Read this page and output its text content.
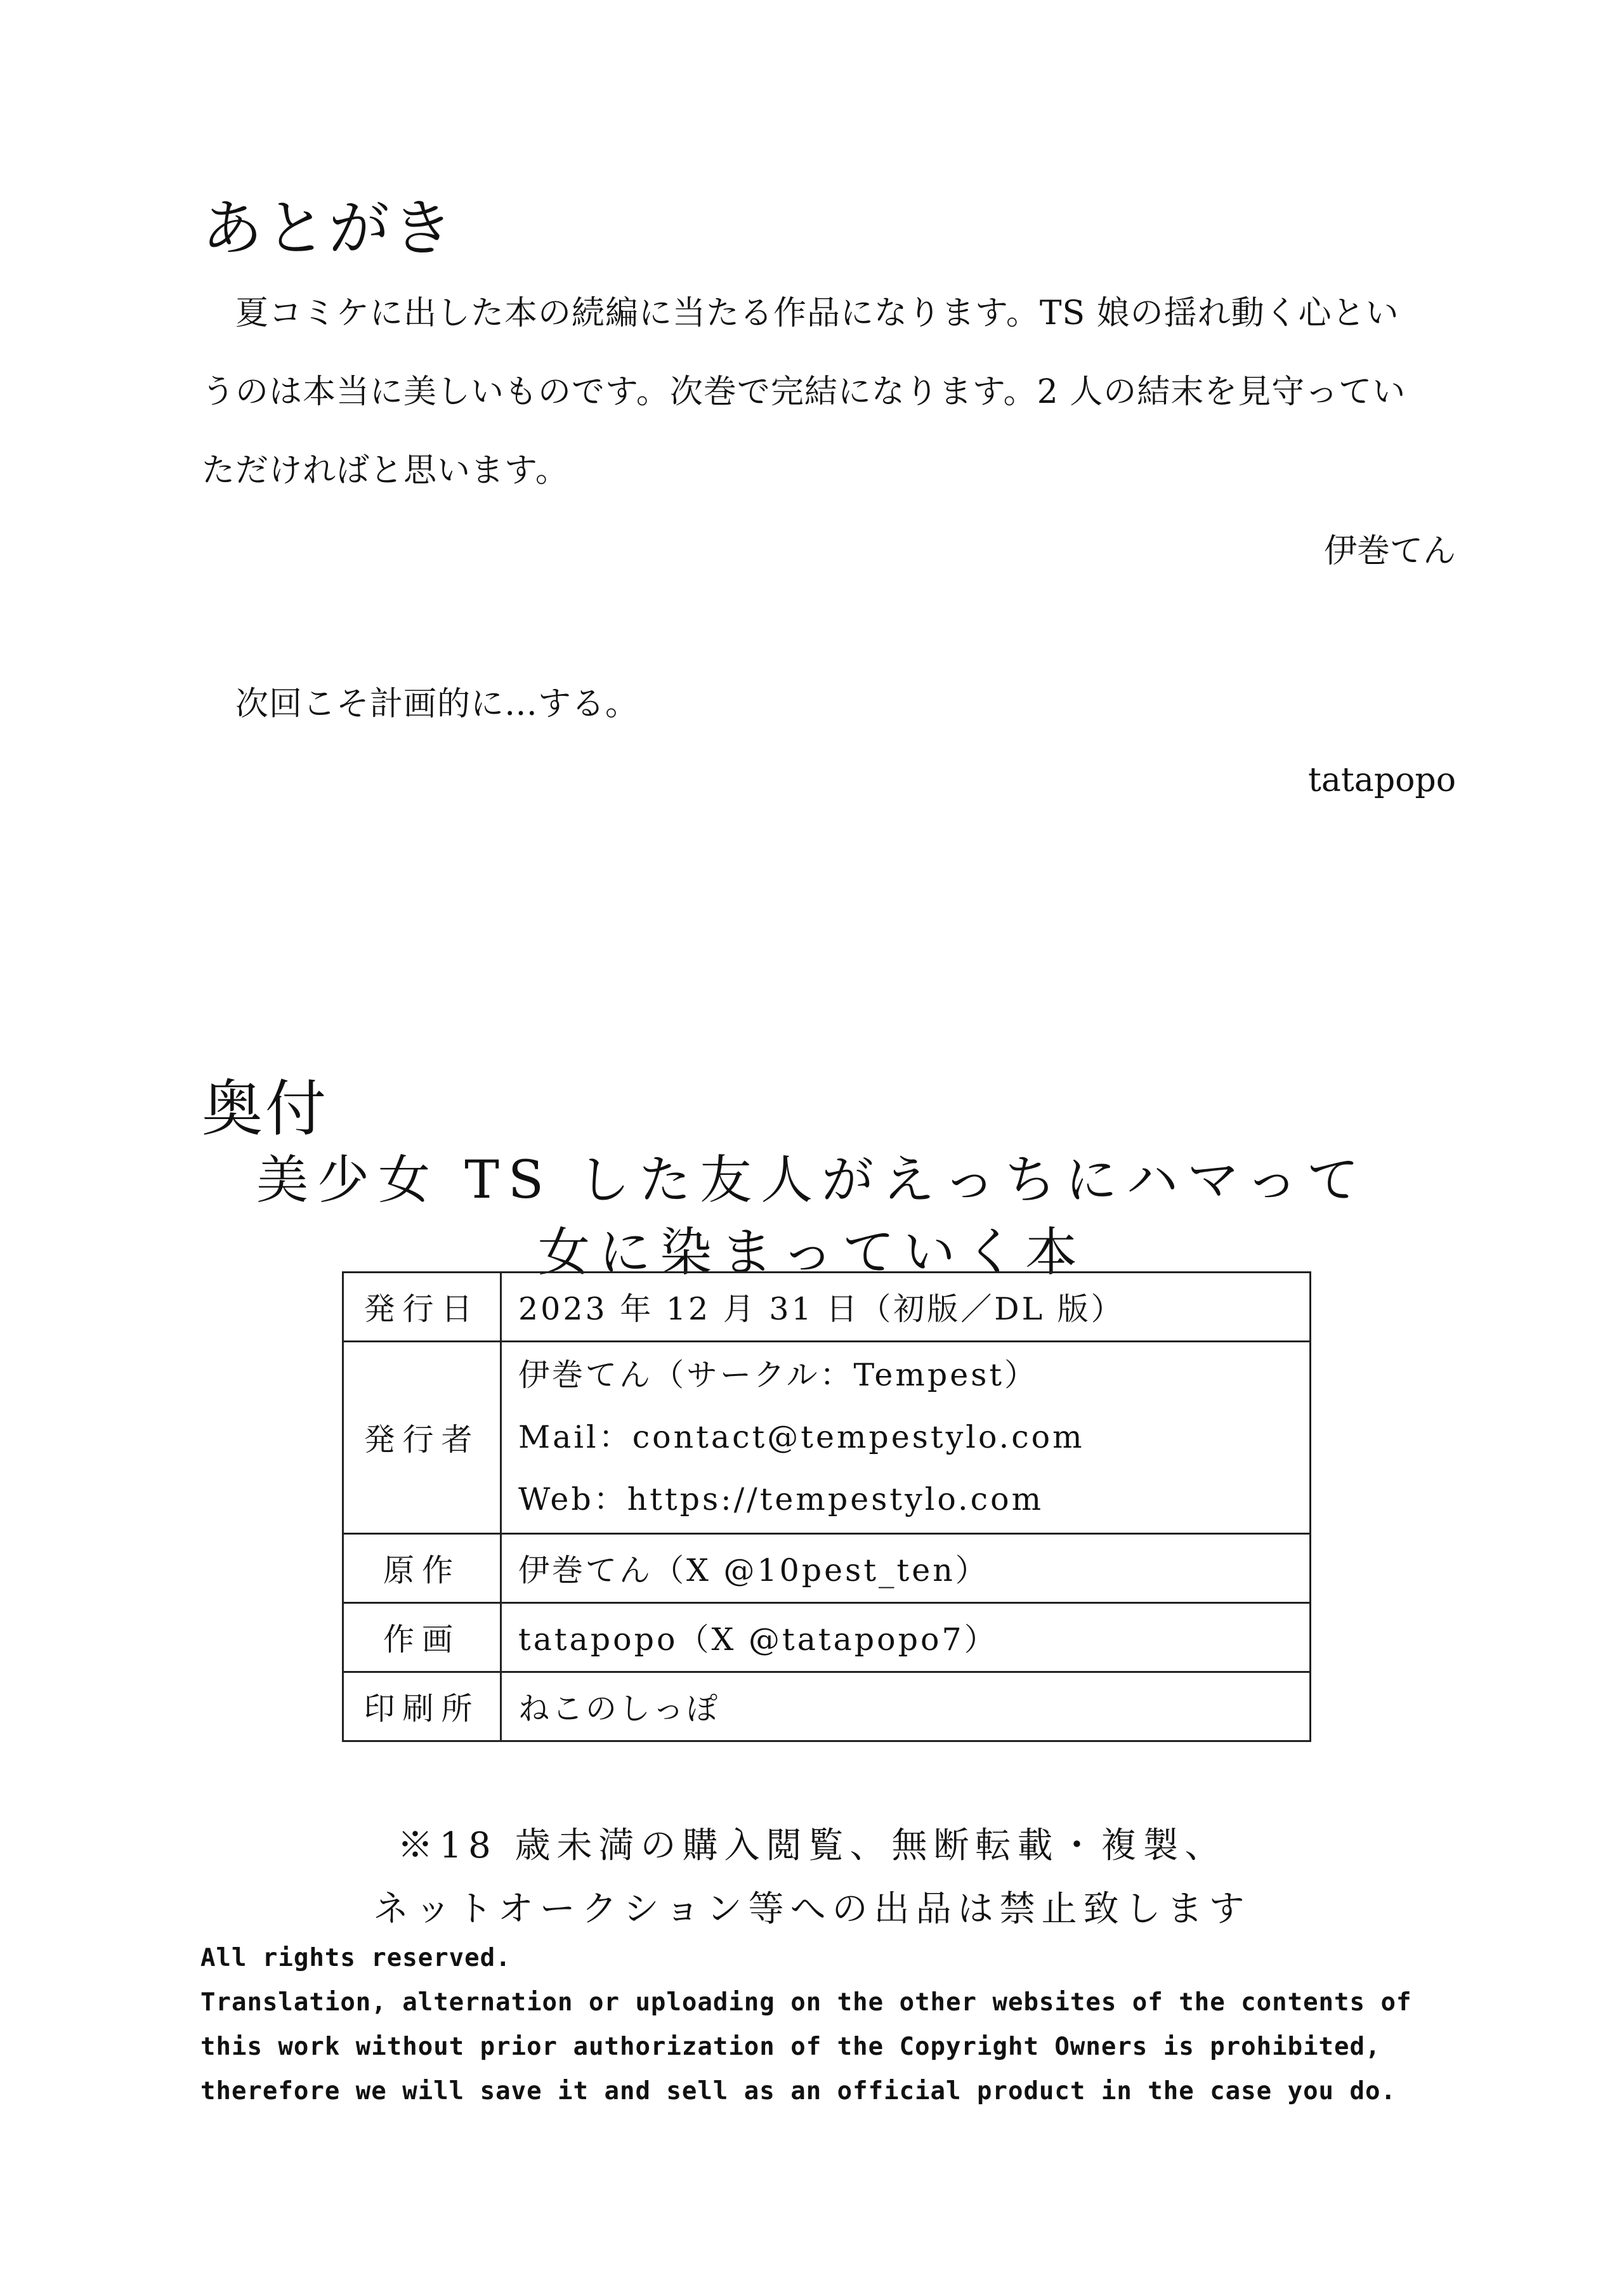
あとがき
　夏コミケに出した本の続編に当たる作品になります。TS 娘の揺れ動く心とい
うのは本当に美しいものです。次巻で完結になります。2 人の結末を見守ってい
ただければと思います。
伊巻てん
　次回こそ計画的に…する。
tatapopo
奥付
美少女 TS した友人がえっちにハマって
女に染まっていく本
発行日	2023 年 12 月 31 日（初版／DL 版）
発行者	伊巻てん（サークル：Tempest）
Mail：contact@tempestylo.com
Web：https://tempestylo.com

原作	伊巻てん（X @10pest_ten）
作画	tatapopo（X @tatapopo7）
印刷所	ねこのしっぽ
※18 歳未満の購入閲覧、無断転載・複製、
ネットオークション等への出品は禁止致します
All rights reserved.
Translation, alternation or uploading on the other websites of the contents of
this work without prior authorization of the Copyright Owners is prohibited,
therefore we will save it and sell as an official product in the case you do.
